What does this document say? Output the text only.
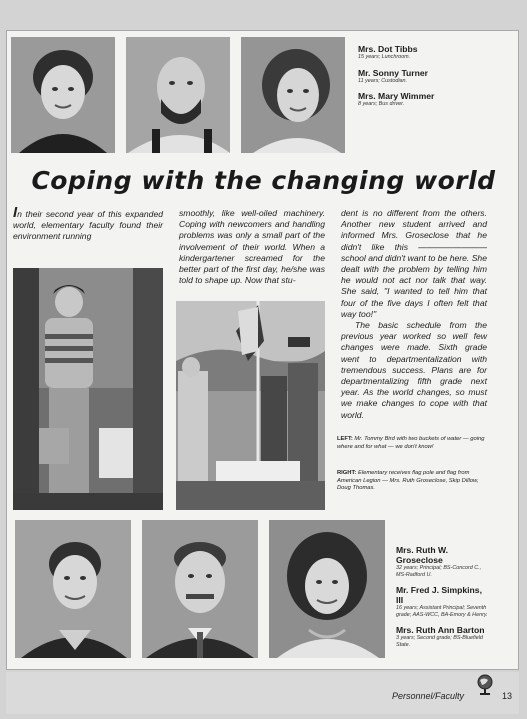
Mrs. Dot Tibbs

15 years; Lunchroom.

Mr. Sonny Turner

11 years; Custodian.

Mrs. Mary Wimmer

8 years; Bus driver.

Coping with the changing world

In their second year of this expanded world, elementary faculty found their environment running

smoothly, like well-oiled machinery. Coping with newcomers and handling problems was only a small part of the involvement of their world. When a kindergartener screamed for the better part of the first day, he/she was told to shape up. Now that stu-

dent is no different from the others. Another new student arrived and informed Mrs. Groseclose that he didn't like this ————————school and didn't want to be here. She dealt with the problem by telling him he would not act nor talk that way. She said, ''I wanted to tell him that four of the five days I often felt that way too!''

The basic schedule from the previous year worked so well few changes were made. Sixth grade went to departmentalization with tremendous success. Plans are for departmentalizing fifth grade next year. As the world changes, so must we make changes to cope with that world.

LEFT: Mr. Tommy Bird with two buckets of water — going where and for what — we don't know!
RIGHT: Elementary receives flag pole and flag from American Legion — Mrs. Ruth Groseclose, Skip Dillow, Doug Thomas.

Mrs. Ruth W. Groseclose

32 years; Principal; BS-Concord C., MS-Radford U.

Mr. Fred J. Simpkins, III

16 years; Assistant Principal; Seventh grade; AAS-WCC, BA-Emory & Henry.

Mrs. Ruth Ann Barton

3 years; Second grade; BS-Bluefield State.

Personnel/Faculty	13
